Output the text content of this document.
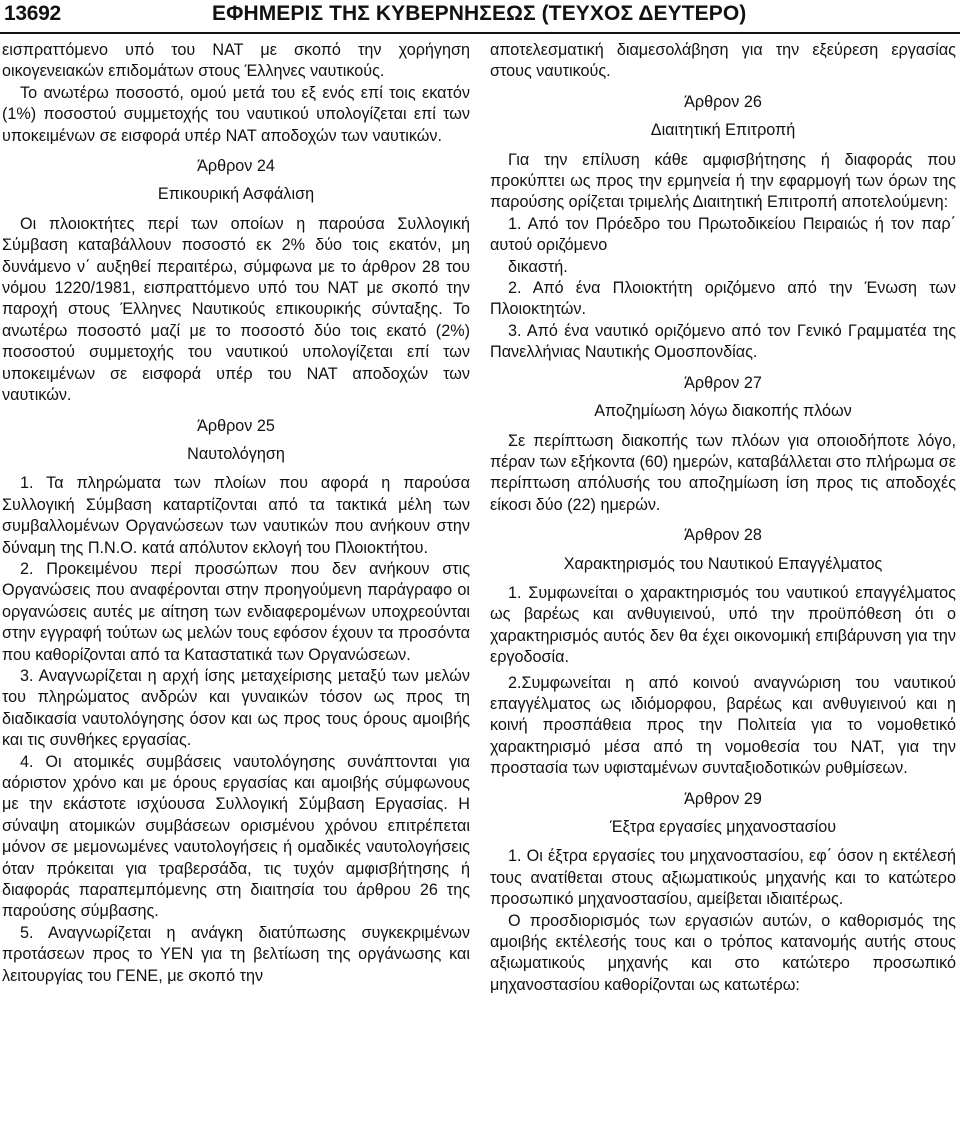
13692	ΕΦΗΜΕΡΙΣ ΤΗΣ ΚΥΒΕΡΝΗΣΕΩΣ (ΤΕΥΧΟΣ ΔΕΥΤΕΡΟ)

εισπραττόμενο υπό του ΝΑΤ με σκοπό την χορήγηση οικογενειακών επιδομάτων στους Έλληνες ναυτικούς.

Το ανωτέρω ποσοστό, ομού μετά του εξ ενός επί τοις εκατόν (1%) ποσοστού συμμετοχής του ναυτικού υπολογίζεται επί των υποκειμένων σε εισφορά υπέρ ΝΑΤ αποδοχών των ναυτικών.

Άρθρον 24
Επικουρική Ασφάλιση

Οι πλοιοκτήτες περί των οποίων η παρούσα Συλλογική Σύμβαση καταβάλλουν ποσοστό εκ 2% δύο τοις εκατόν, μη δυνάμενο ν΄ αυξηθεί περαιτέρω, σύμφωνα με το άρθρον 28 του νόμου 1220/1981, εισπραττόμενο υπό του ΝΑΤ με σκοπό την παροχή στους Έλληνες Ναυτικούς επικουρικής σύνταξης. Το ανωτέρω ποσοστό μαζί με το ποσοστό δύο τοις εκατό (2%) ποσοστού συμμετοχής του ναυτικού υπολογίζεται επί των υποκειμένων σε εισφορά υπέρ του ΝΑΤ αποδοχών των ναυτικών.

Άρθρον 25
Ναυτολόγηση

1. Τα πληρώματα των πλοίων που αφορά η παρούσα Συλλογική Σύμβαση καταρτίζονται από τα τακτικά μέλη των συμβαλλομένων Οργανώσεων των ναυτικών που ανήκουν στην δύναμη της Π.Ν.Ο. κατά απόλυτον εκλογή του Πλοιοκτήτου.

2. Προκειμένου περί προσώπων που δεν ανήκουν στις Οργανώσεις που αναφέρονται στην προηγούμενη παράγραφο οι οργανώσεις αυτές με αίτηση των ενδιαφερομένων υποχρεούνται στην εγγραφή τούτων ως μελών τους εφόσον έχουν τα προσόντα που καθορίζονται από τα Καταστατικά των Οργανώσεων.

3. Αναγνωρίζεται η αρχή ίσης μεταχείρισης μεταξύ των μελών του πληρώματος ανδρών και γυναικών τόσον ως προς τη διαδικασία ναυτολόγησης όσον και ως προς τους όρους αμοιβής και τις συνθήκες εργασίας.

4. Οι ατομικές συμβάσεις ναυτολόγησης συνάπτονται για αόριστον χρόνο και με όρους εργασίας και αμοιβής σύμφωνους με την εκάστοτε ισχύουσα Συλλογική Σύμβαση Εργασίας. Η σύναψη ατομικών συμβάσεων ορισμένου χρόνου επιτρέπεται μόνον σε μεμονωμένες ναυτολογήσεις ή ομαδικές ναυτολογήσεις όταν πρόκειται για τραβερσάδα, τις τυχόν αμφισβήτησης ή διαφοράς παραπεμπόμενης στη διαιτησία του άρθρου 26 της παρούσης σύμβασης.

5. Αναγνωρίζεται η ανάγκη διατύπωσης συγκεκριμένων προτάσεων προς το ΥΕΝ για τη βελτίωση της οργάνωσης και λειτουργίας του ΓΕΝΕ, με σκοπό την

αποτελεσματική διαμεσολάβηση για την εξεύρεση εργασίας στους ναυτικούς.

Άρθρον 26
Διαιτητική Επιτροπή

Για την επίλυση κάθε αμφισβήτησης ή διαφοράς που προκύπτει ως προς την ερμηνεία ή την εφαρμογή των όρων της παρούσης ορίζεται τριμελής Διαιτητική Επιτροπή αποτελούμενη:

1. Από τον Πρόεδρο του Πρωτοδικείου Πειραιώς ή τον παρ΄ αυτού οριζόμενο

δικαστή.

2. Από ένα Πλοιοκτήτη οριζόμενο από την Ένωση των Πλοιοκτητών.

3. Από ένα ναυτικό οριζόμενο από τον Γενικό Γραμματέα της Πανελλήνιας Ναυτικής Ομοσπονδίας.

Άρθρον 27
Αποζημίωση λόγω διακοπής πλόων

Σε περίπτωση διακοπής των πλόων για οποιοδήποτε λόγο, πέραν των εξήκοντα (60) ημερών, καταβάλλεται στο πλήρωμα σε περίπτωση απόλυσής του αποζημίωση ίση προς τις αποδοχές είκοσι δύο (22) ημερών.

Άρθρον 28
Χαρακτηρισμός του Ναυτικού Επαγγέλματος

1. Συμφωνείται ο χαρακτηρισμός του ναυτικού επαγγέλματος ως βαρέως και ανθυγιεινού, υπό την προϋπόθεση ότι ο χαρακτηρισμός αυτός δεν θα έχει οικονομική επιβάρυνση για την εργοδοσία.

2.Συμφωνείται η από κοινού αναγνώριση του ναυτικού επαγγέλματος ως ιδιόμορφου, βαρέως και ανθυγιεινού και η κοινή προσπάθεια προς την Πολιτεία για το νομοθετικό χαρακτηρισμό μέσα από τη νομοθεσία του ΝΑΤ, για την προστασία των υφισταμένων συνταξιοδοτικών ρυθμίσεων.

Άρθρον 29
Έξτρα εργασίες μηχανοστασίου

1. Οι έξτρα εργασίες του μηχανοστασίου, εφ΄ όσον η εκτέλεσή τους ανατίθεται στους αξιωματικούς μηχανής και το κατώτερο προσωπικό μηχανοστασίου, αμείβεται ιδιαιτέρως.

Ο προσδιορισμός των εργασιών αυτών, ο καθορισμός της αμοιβής εκτέλεσής τους και ο τρόπος κατανομής αυτής στους αξιωματικούς μηχανής και στο κατώτερο προσωπικό μηχανοστασίου καθορίζονται ως κατωτέρω:
